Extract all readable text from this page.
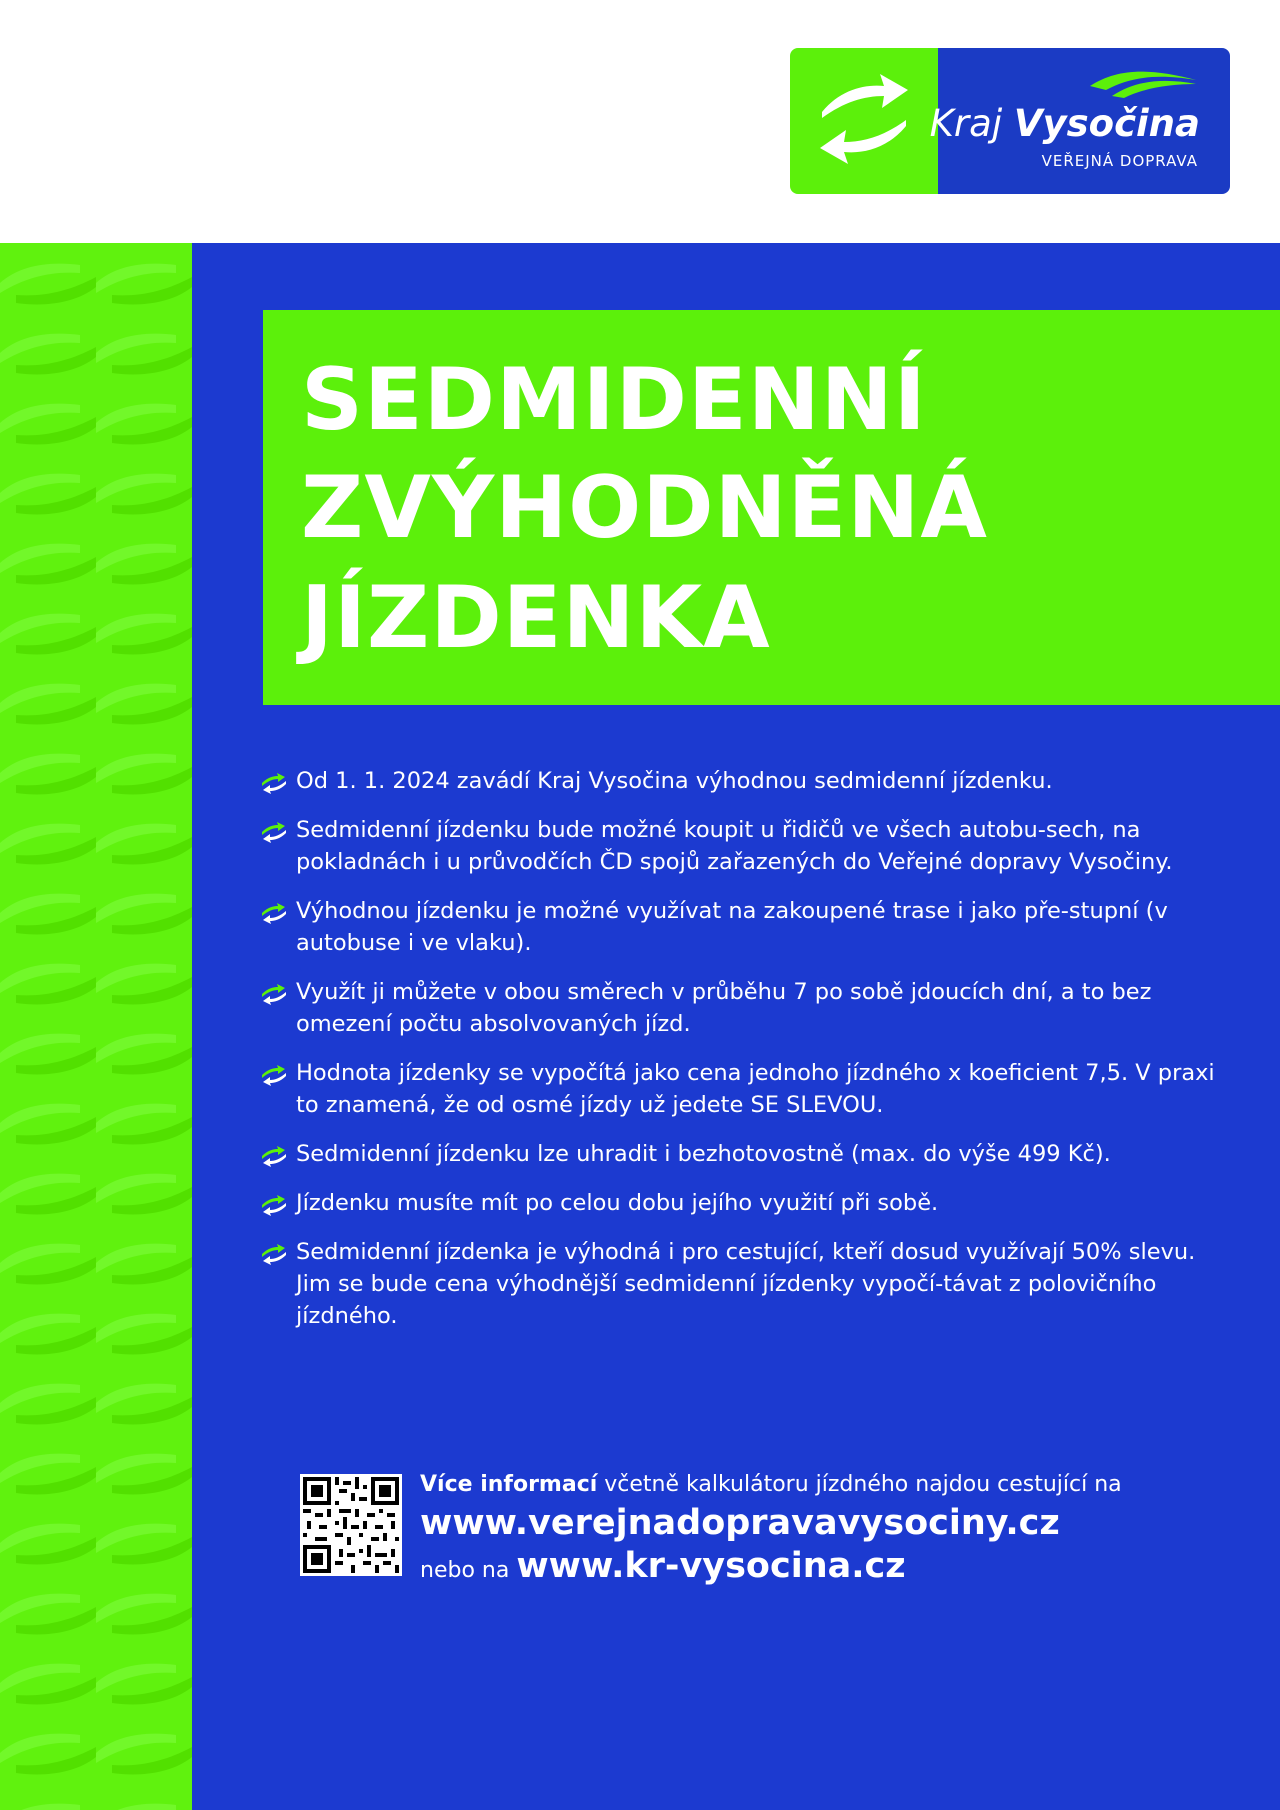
Kraj Vysočina
VEŘEJNÁ DOPRAVA
SEDMIDENNÍ
ZVÝHODNĚNÁ
JÍZDENKA
Od 1. 1. 2024 zavádí Kraj Vysočina výhodnou sedmidenní jízdenku.
Sedmidenní jízdenku bude možné koupit u řidičů ve všech autobu-sech, na pokladnách i u průvodčích ČD spojů zařazených do Veřejné dopravy Vysočiny.
Výhodnou jízdenku je možné využívat na zakoupené trase i jako pře-stupní (v autobuse i ve vlaku).
Využít ji můžete v obou směrech v průběhu 7 po sobě jdoucích dní, a to bez omezení počtu absolvovaných jízd.
Hodnota jízdenky se vypočítá jako cena jednoho jízdného x koeficient 7,5. V praxi to znamená, že od osmé jízdy už jedete SE SLEVOU.
Sedmidenní jízdenku lze uhradit i bezhotovostně (max. do výše 499 Kč).
Jízdenku musíte mít po celou dobu jejího využití při sobě.
Sedmidenní jízdenka je výhodná i pro cestující, kteří dosud využívají 50% slevu. Jim se bude cena výhodnější sedmidenní jízdenky vypočí-távat z polovičního jízdného.
Více informací včetně kalkulátoru jízdného najdou cestující na
www.verejnadopravavysociny.cz
nebo na www.kr-vysocina.cz
